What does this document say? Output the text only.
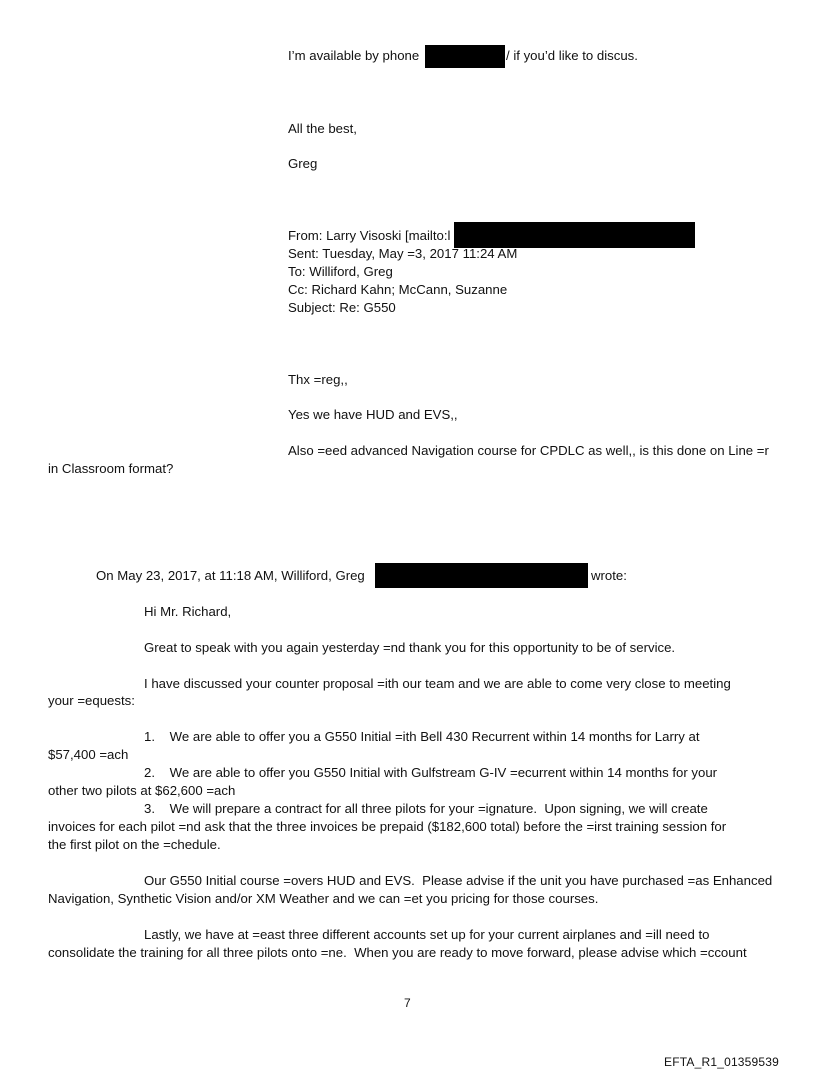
I’m available by phone	/ if you’d like to discus.
All the best,
Greg
From: Larry Visoski [mailto:l
Sent: Tuesday, May =3, 2017 11:24 AM
To: Williford, Greg
Cc: Richard Kahn; McCann, Suzanne
Subject: Re: G550
Thx =reg,,
Yes we have HUD and EVS,,
Also =eed advanced Navigation course for CPDLC as well,, is this done on Line =r
in Classroom format?
On May 23, 2017, at 11:18 AM, Williford, Greg	wrote:
Hi Mr. Richard,
Great to speak with you again yesterday =nd thank you for this opportunity to be of service.
I have discussed your counter proposal =ith our team and we are able to come very close to meeting
your =equests:
1.    We are able to offer you a G550 Initial =ith Bell 430 Recurrent within 14 months for Larry at
$57,400 =ach
2.    We are able to offer you G550 Initial with Gulfstream G-IV =ecurrent within 14 months for your
other two pilots at $62,600 =ach
3.    We will prepare a contract for all three pilots for your =ignature.  Upon signing, we will create
invoices for each pilot =nd ask that the three invoices be prepaid ($182,600 total) before the =irst training session for
the first pilot on the =chedule.
Our G550 Initial course =overs HUD and EVS.  Please advise if the unit you have purchased =as Enhanced
Navigation, Synthetic Vision and/or XM Weather and we can =et you pricing for those courses.
Lastly, we have at =east three different accounts set up for your current airplanes and =ill need to
consolidate the training for all three pilots onto =ne.  When you are ready to move forward, please advise which =ccount
7
EFTA_R1_01359539
